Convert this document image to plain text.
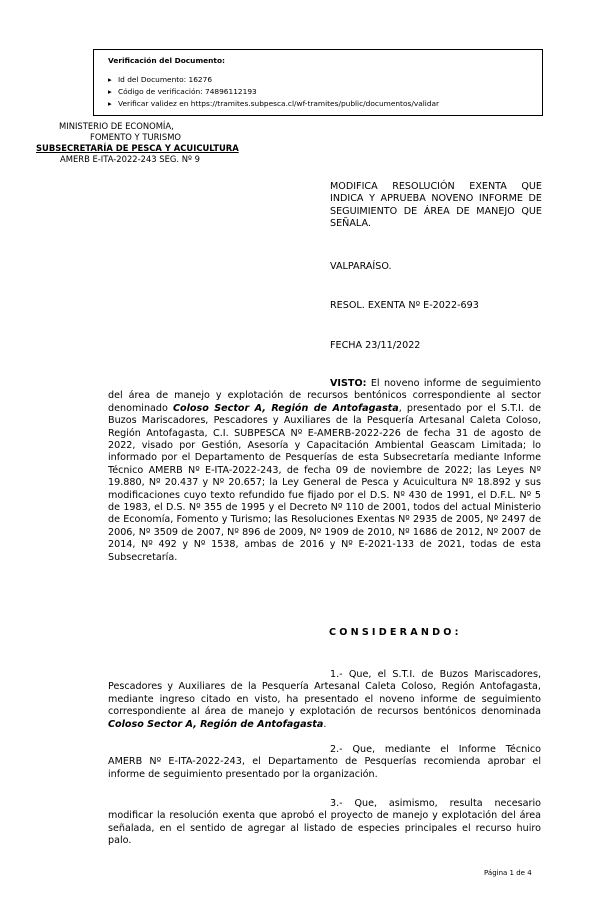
Verificación del Documento:
▸ Id del Documento: 16276
▸ Código de verificación: 74896112193
▸ Verificar validez en https://tramites.subpesca.cl/wf-tramites/public/documentos/validar
MINISTERIO DE ECONOMÍA,
FOMENTO Y TURISMO
SUBSECRETARÍA DE PESCA Y ACUICULTURA
AMERB E-ITA-2022-243 SEG. Nº 9
MODIFICA RESOLUCIÓN EXENTA QUE INDICA Y APRUEBA NOVENO INFORME DE SEGUIMIENTO DE ÁREA DE MANEJO QUE SEÑALA.
VALPARAÍSO.
RESOL. EXENTA Nº E-2022-693
FECHA 23/11/2022
VISTO: El noveno informe de seguimiento del área de manejo y explotación de recursos bentónicos correspondiente al sector denominado Coloso Sector A, Región de Antofagasta, presentado por el S.T.I. de Buzos Mariscadores, Pescadores y Auxiliares de la Pesquería Artesanal Caleta Coloso, Región Antofagasta, C.I. SUBPESCA Nº E-AMERB-2022-226 de fecha 31 de agosto de 2022, visado por Gestión, Asesoría y Capacitación Ambiental Geascam Limitada; lo informado por el Departamento de Pesquerías de esta Subsecretaría mediante Informe Técnico AMERB Nº E-ITA-2022-243, de fecha 09 de noviembre de 2022; las Leyes Nº 19.880, Nº 20.437 y Nº 20.657; la Ley General de Pesca y Acuicultura Nº 18.892 y sus modificaciones cuyo texto refundido fue fijado por el D.S. Nº 430 de 1991, el D.F.L. Nº 5 de 1983, el D.S. Nº 355 de 1995 y el Decreto Nº 110 de 2001, todos del actual Ministerio de Economía, Fomento y Turismo; las Resoluciones Exentas Nº 2935 de 2005, Nº 2497 de 2006, Nº 3509 de 2007, Nº 896 de 2009, Nº 1909 de 2010, Nº 1686 de 2012, Nº 2007 de 2014, Nº 492 y Nº 1538, ambas de 2016 y Nº E-2021-133 de 2021, todas de esta Subsecretaría.
CONSIDERANDO:
1.- Que, el S.T.I. de Buzos Mariscadores, Pescadores y Auxiliares de la Pesquería Artesanal Caleta Coloso, Región Antofagasta, mediante ingreso citado en visto, ha presentado el noveno informe de seguimiento correspondiente al área de manejo y explotación de recursos bentónicos denominada Coloso Sector A, Región de Antofagasta.
2.- Que, mediante el Informe Técnico AMERB Nº E-ITA-2022-243, el Departamento de Pesquerías recomienda aprobar el informe de seguimiento presentado por la organización.
3.- Que, asimismo, resulta necesario modificar la resolución exenta que aprobó el proyecto de manejo y explotación del área señalada, en el sentido de agregar al listado de especies principales el recurso huiro palo.
Página 1 de 4
